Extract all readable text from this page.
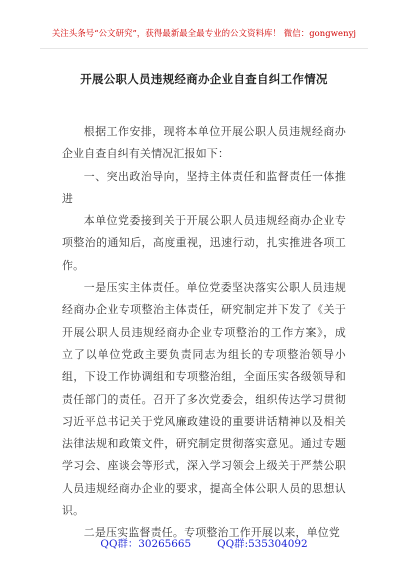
关注头条号“公文研究”，获得最新最全最专业的公文资料库！ 微信：gongwenyj
开展公职人员违规经商办企业自查自纠工作情况

根据工作安排，现将本单位开展公职人员违规经商办企业自查自纠有关情况汇报如下：

一、突出政治导向，坚持主体责任和监督责任一体推进

本单位党委接到关于开展公职人员违规经商办企业专项整治的通知后，高度重视，迅速行动，扎实推进各项工作。

一是压实主体责任。单位党委坚决落实公职人员违规经商办企业专项整治主体责任，研究制定并下发了《关于开展公职人员违规经商办企业专项整治的工作方案》，成立了以单位党政主要负责同志为组长的专项整治领导小组，下设工作协调组和专项整治组，全面压实各级领导和责任部门的责任。召开了多次党委会，组织传达学习贯彻习近平总书记关于党风廉政建设的重要讲话精神以及相关法律法规和政策文件，研究制定贯彻落实意见。通过专题学习会、座谈会等形式，深入学习领会上级关于严禁公职人员违规经商办企业的要求，提高全体公职人员的思想认识。

二是压实监督责任。专项整治工作开展以来，单位党

QQ群：30265665	QQ群:535304092
